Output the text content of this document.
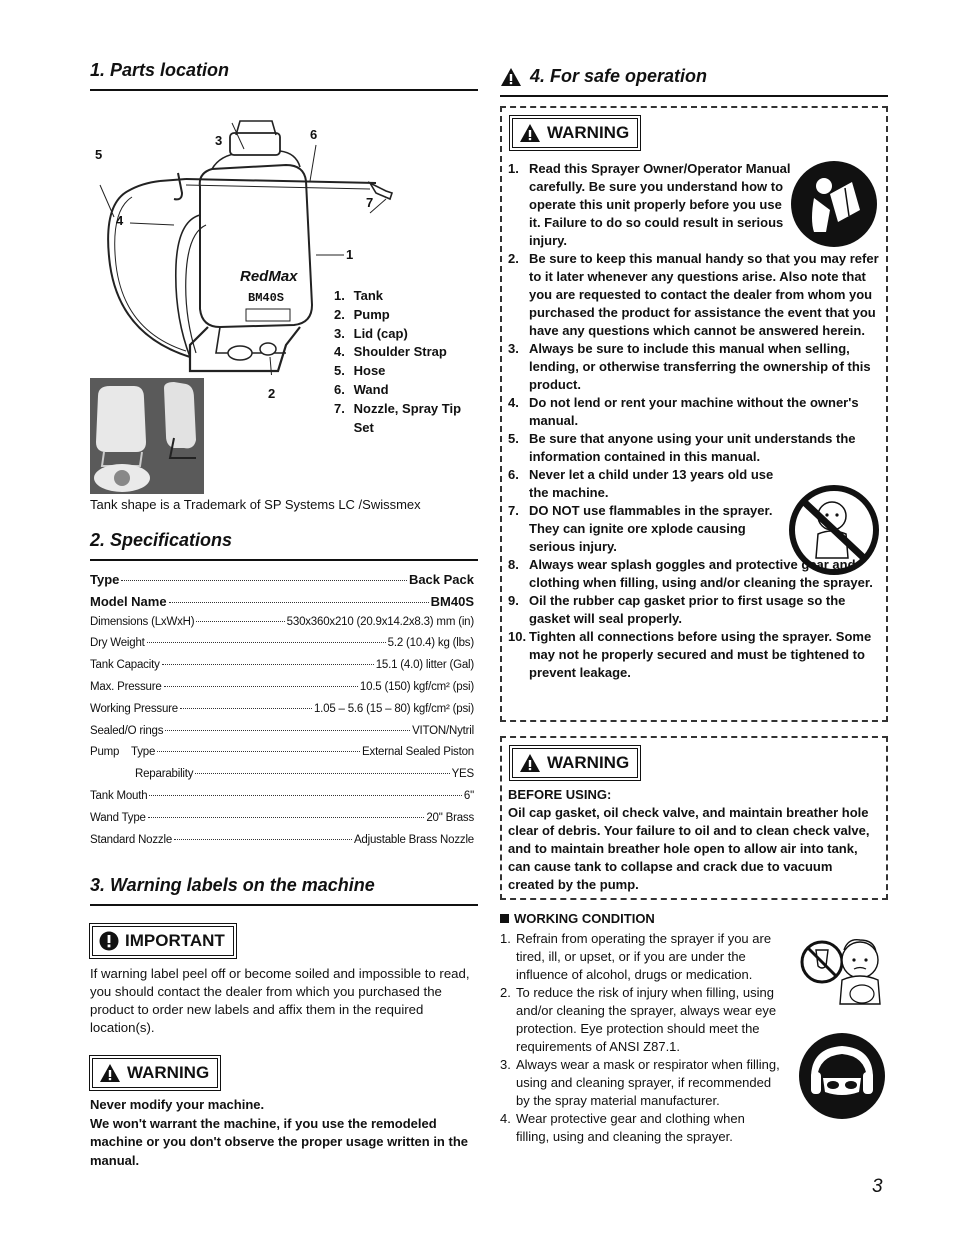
1. Parts location
RedMax
BM40S
1
2
3
4
5
6
7
1. Tank
2. Pump
3. Lid (cap)
4. Shoulder Strap
5. Hose
6. Wand
7. Nozzle, Spray Tip
Set
Tank shape is a Trademark of SP Systems LC /Swissmex
2. Specifications
Type	Back Pack
Model Name	BM40S
Dimensions (LxWxH)	530x360x210 (20.9x14.2x8.3) mm (in)
Dry Weight	5.2 (10.4) kg (lbs)
Tank Capacity	15.1 (4.0) litter (Gal)
Max. Pressure	10.5 (150) kgf/cm² (psi)
Working Pressure	1.05 – 5.6 (15 – 80) kgf/cm² (psi)
Sealed/O rings	VITON/Nytril
Pump    Type	External Sealed Piston
Reparability	YES
Tank Mouth	6"
Wand Type	20" Brass
Standard Nozzle	Adjustable Brass Nozzle
3. Warning labels on the machine
IMPORTANT
If warning label peel off or become soiled and impossible to read, you should contact the dealer from which you purchased the product to order new labels and affix them in the required location(s).
WARNING
Never modify your machine.
We won't warrant the machine, if you use the remodeled machine or you don't observe the proper usage written in the manual.
4. For safe operation
WARNING
1. Read this Sprayer Owner/Operator Manual carefully. Be sure you understand how to operate this unit properly before you use it. Failure to do so could result in serious injury.
2. Be sure to keep this manual handy so that you may refer to it later whenever any questions arise. Also note that you are requested to contact the dealer from whom you purchased the product for assistance the event that you have any questions which cannot be answered herein.
3. Always be sure to include this manual when selling, lending, or otherwise transferring the ownership of this product.
4. Do not lend or rent your machine without the owner's manual.
5. Be sure that anyone using your unit understands the information contained in this manual.
6. Never let a child under 13 years old use the machine.
7. DO NOT use flammables in the sprayer. They can ignite ore xplode causing serious injury.
8. Always wear splash goggles and protective gear and clothing when filling, using and/or cleaning the sprayer.
9. Oil the rubber cap gasket prior to first usage so the gasket will seal properly.
10. Tighten all connections before using the sprayer. Some may not he properly secured and must be tightened to prevent leakage.
WARNING
BEFORE USING:
Oil cap gasket, oil check valve, and maintain breather hole clear of debris. Your failure to oil and to clean check valve, and to maintain breather hole open to allow air into tank, can cause tank to collapse and crack due to vacuum created by the pump.
WORKING CONDITION
1. Refrain from operating the sprayer if you are tired, ill, or upset, or if you are under the influence of alcohol, drugs or medication.
2. To reduce the risk of injury when filling, using and/or cleaning the sprayer, always wear eye protection. Eye protection should meet the requirements of ANSI Z87.1.
3. Always wear a mask or respirator when filling, using and cleaning sprayer, if recommended by the spray material manufacturer.
4. Wear protective gear and clothing when filling, using and cleaning the sprayer.
3
